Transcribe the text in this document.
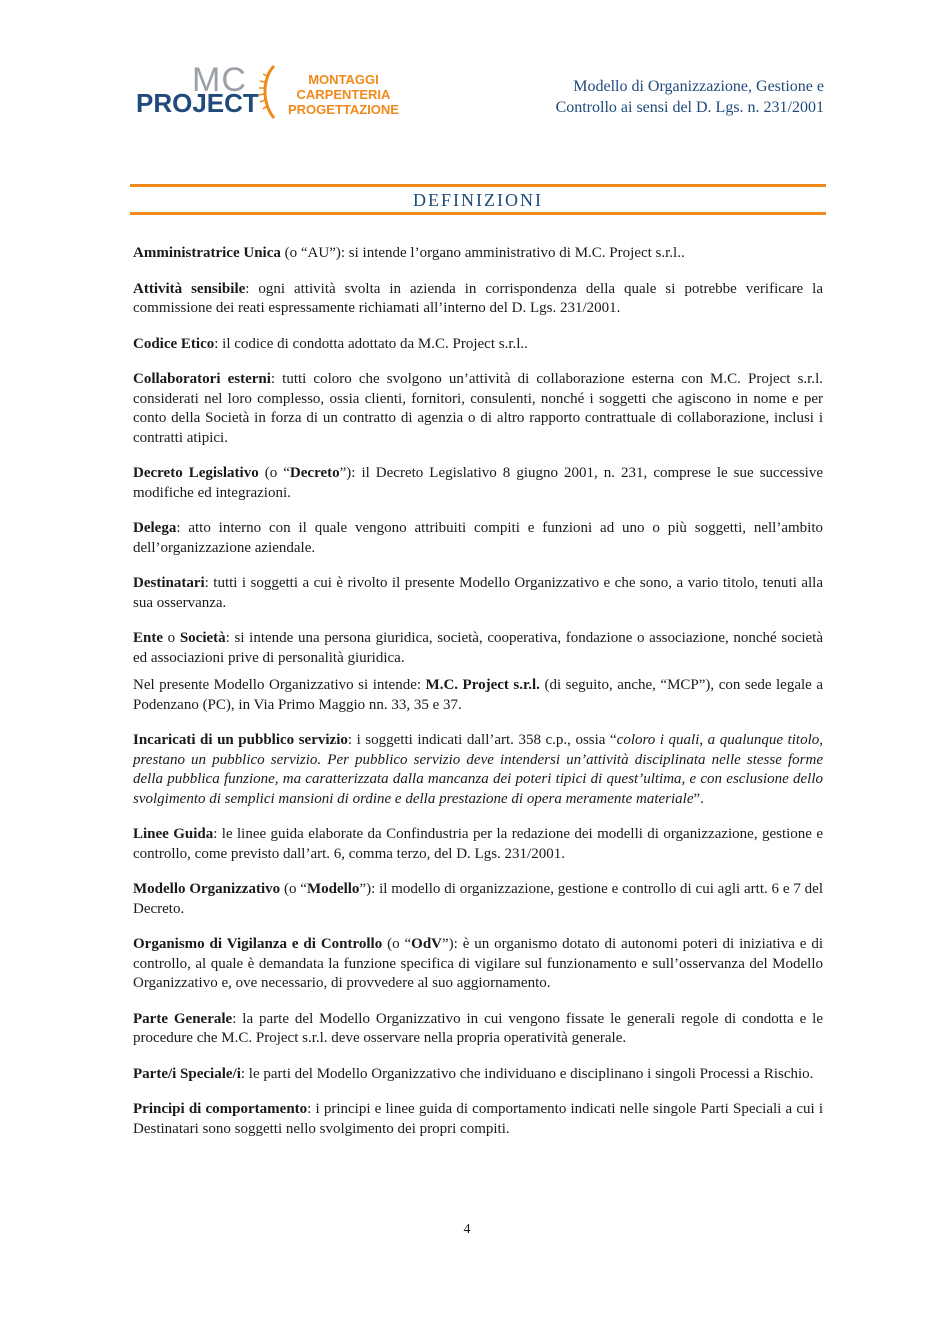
MC
PROJECT
MONTAGGI
CARPENTERIA
PROGETTAZIONE
Modello di Organizzazione, Gestione e
Controllo ai sensi del D. Lgs. n. 231/2001
DEFINIZIONI

Amministratrice Unica (o “AU”): si intende l’organo amministrativo di M.C. Project s.r.l..

Attività sensibile: ogni attività svolta in azienda in corrispondenza della quale si potrebbe verificare la commissione dei reati espressamente richiamati all’interno del D. Lgs. 231/2001.

Codice Etico: il codice di condotta adottato da M.C. Project s.r.l..

Collaboratori esterni: tutti coloro che svolgono un’attività di collaborazione esterna con M.C. Project s.r.l. considerati nel loro complesso, ossia clienti, fornitori, consulenti, nonché i soggetti che agiscono in nome e per conto della Società in forza di un contratto di agenzia o di altro rapporto contrattuale di collaborazione, inclusi i contratti atipici.

Decreto Legislativo (o “Decreto”): il Decreto Legislativo 8 giugno 2001, n. 231, comprese le sue successive modifiche ed integrazioni.

Delega: atto interno con il quale vengono attribuiti compiti e funzioni ad uno o più soggetti, nell’ambito dell’organizzazione aziendale.

Destinatari: tutti i soggetti a cui è rivolto il presente Modello Organizzativo e che sono, a vario titolo, tenuti alla sua osservanza.

Ente o Società: si intende una persona giuridica, società, cooperativa, fondazione o associazione, nonché società ed associazioni prive di personalità giuridica.

Nel presente Modello Organizzativo si intende: M.C. Project s.r.l. (di seguito, anche, “MCP”), con sede legale a Podenzano (PC), in Via Primo Maggio nn. 33, 35 e 37.

Incaricati di un pubblico servizio: i soggetti indicati dall’art. 358 c.p., ossia “coloro i quali, a qualunque titolo, prestano un pubblico servizio. Per pubblico servizio deve intendersi un’attività disciplinata nelle stesse forme della pubblica funzione, ma caratterizzata dalla mancanza dei poteri tipici di quest’ultima, e con esclusione dello svolgimento di semplici mansioni di ordine e della prestazione di opera meramente materiale”.

Linee Guida: le linee guida elaborate da Confindustria per la redazione dei modelli di organizzazione, gestione e controllo, come previsto dall’art. 6, comma terzo, del D. Lgs. 231/2001.

Modello Organizzativo (o “Modello”): il modello di organizzazione, gestione e controllo di cui agli artt. 6 e 7 del Decreto.

Organismo di Vigilanza e di Controllo (o “OdV”): è un organismo dotato di autonomi poteri di iniziativa e di controllo, al quale è demandata la funzione specifica di vigilare sul funzionamento e sull’osservanza del Modello Organizzativo e, ove necessario, di provvedere al suo aggiornamento.

Parte Generale: la parte del Modello Organizzativo in cui vengono fissate le generali regole di condotta e le procedure che M.C. Project s.r.l. deve osservare nella propria operatività generale.

Parte/i Speciale/i: le parti del Modello Organizzativo che individuano e disciplinano i singoli Processi a Rischio.

Principi di comportamento: i principi e linee guida di comportamento indicati nelle singole Parti Speciali a cui i Destinatari sono soggetti nello svolgimento dei propri compiti.

4
